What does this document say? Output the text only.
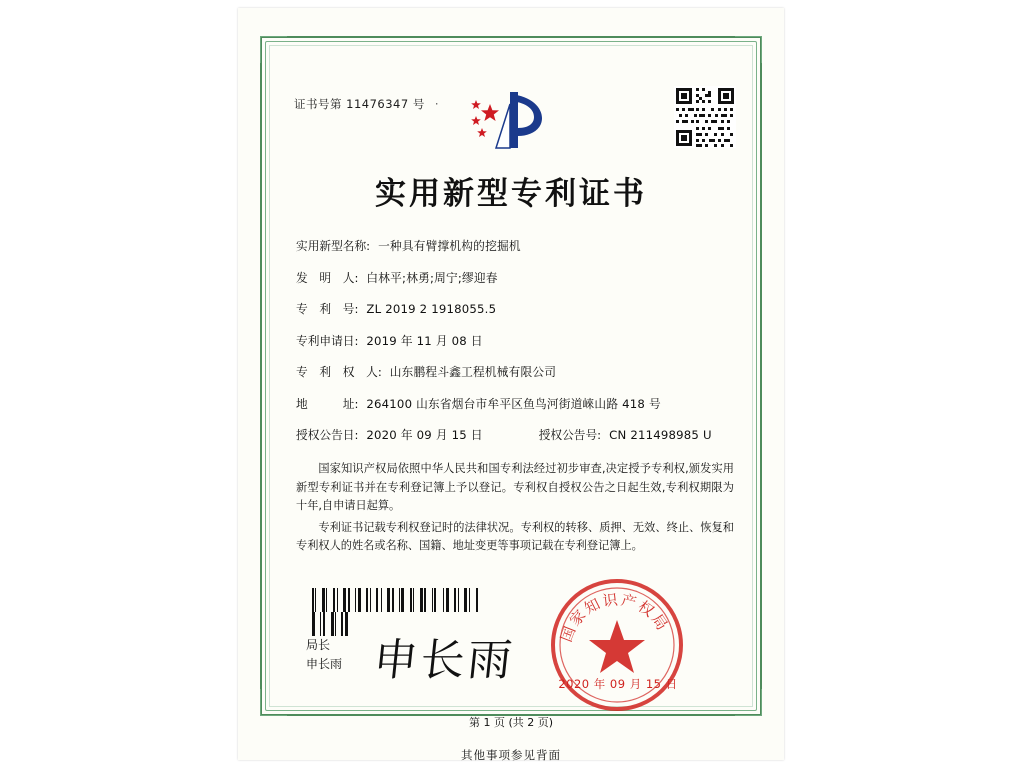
证书号第 11476347 号 ·
实用新型专利证书
实用新型名称: 一种具有臂撑机构的挖掘机
发　明　人: 白林平;林勇;周宁;缪迎春
专　利　号: ZL 2019 2 1918055.5
专利申请日: 2019 年 11 月 08 日
专　利　权　人: 山东鹏程斗鑫工程机械有限公司
地　　　址: 264100 山东省烟台市牟平区鱼鸟河街道崍山路 418 号
授权公告日: 2020 年 09 月 15 日	授权公告号: CN 211498985 U

国家知识产权局依照中华人民共和国专利法经过初步审查,决定授予专利权,颁发实用新型专利证书并在专利登记簿上予以登记。专利权自授权公告之日起生效,专利权期限为十年,自申请日起算。

专利证书记载专利权登记时的法律状况。专利权的转移、质押、无效、终止、恢复和专利权人的姓名或名称、国籍、地址变更等事项记载在专利登记簿上。

局长
申长雨 申长雨
国家知识产权局
2020 年 09 月 15 日
第 1 页 (共 2 页)
其他事项参见背面
